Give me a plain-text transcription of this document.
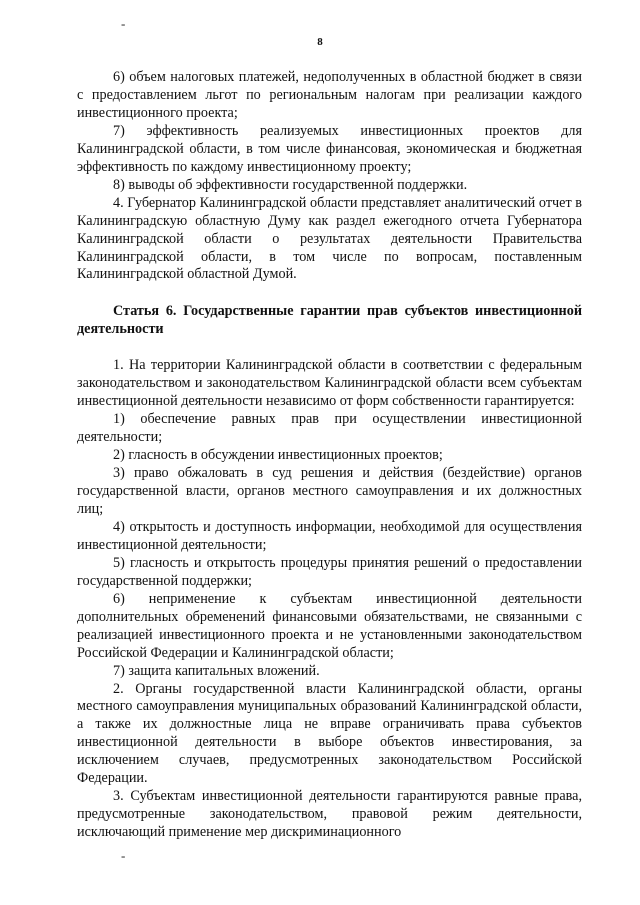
-
8

6) объем налоговых платежей, недополученных в областной бюджет в связи с предоставлением льгот по региональным налогам при реализации каждого инвестиционного проекта;

7) эффективность реализуемых инвестиционных проектов для Калининградской области, в том числе финансовая, экономическая и бюджетная эффективность по каждому инвестиционному проекту;

8) выводы об эффективности государственной поддержки.

4. Губернатор Калининградской области представляет аналитический отчет в Калининградскую областную Думу как раздел ежегодного отчета Губернатора Калининградской области о результатах деятельности Правительства Калининградской области, в том числе по вопросам, поставленным Калининградской областной Думой.

Статья 6. Государственные гарантии прав субъектов инвестиционной деятельности

1. На территории Калининградской области в соответствии с федеральным законодательством и законодательством Калининградской области всем субъектам инвестиционной деятельности независимо от форм собственности гарантируется:

1) обеспечение равных прав при осуществлении инвестиционной деятельности;

2) гласность в обсуждении инвестиционных проектов;

3) право обжаловать в суд решения и действия (бездействие) органов государственной власти, органов местного самоуправления и их должностных лиц;

4) открытость и доступность информации, необходимой для осуществления инвестиционной деятельности;

5) гласность и открытость процедуры принятия решений о предоставлении государственной поддержки;

6) неприменение к субъектам инвестиционной деятельности дополнительных обременений финансовыми обязательствами, не связанными с реализацией инвестиционного проекта и не установленными законодательством Российской Федерации и Калининградской области;

7) защита капитальных вложений.

2. Органы государственной власти Калининградской области, органы местного самоуправления муниципальных образований Калининградской области, а также их должностные лица не вправе ограничивать права субъектов инвестиционной деятельности в выборе объектов инвестирования, за исключением случаев, предусмотренных законодательством Российской Федерации.

3. Субъектам инвестиционной деятельности гарантируются равные права, предусмотренные законодательством, правовой режим деятельности, исключающий применение мер дискриминационного

-
